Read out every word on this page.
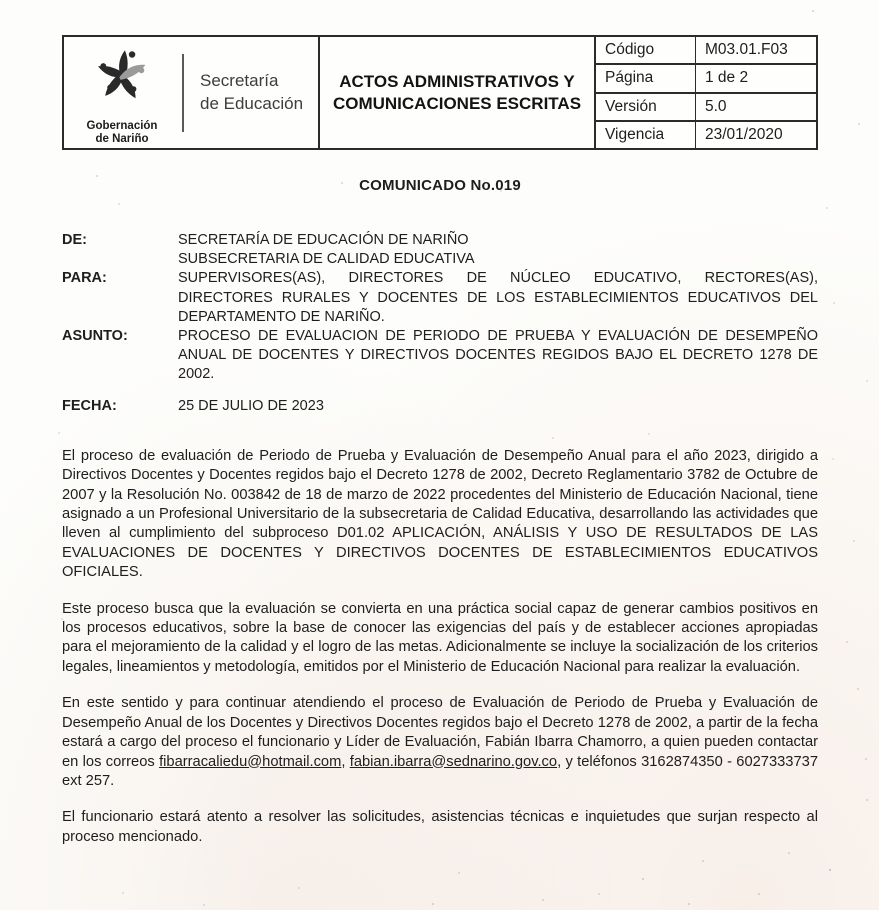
Gobernación
de Nariño
Secretaría
de Educación
ACTOS ADMINISTRATIVOS Y COMUNICACIONES ESCRITAS
Código	M03.01.F03
Página	1 de 2
Versión	5.0
Vigencia	23/01/2020
COMUNICADO No.019
DE:	SECRETARÍA DE EDUCACIÓN DE NARIÑO
SUBSECRETARIA DE CALIDAD EDUCATIVA
PARA:	SUPERVISORES(AS), DIRECTORES DE NÚCLEO EDUCATIVO, RECTORES(AS), DIRECTORES RURALES Y DOCENTES DE LOS ESTABLECIMIENTOS EDUCATIVOS DEL DEPARTAMENTO DE NARIÑO.
ASUNTO:	PROCESO DE EVALUACION DE PERIODO DE PRUEBA Y EVALUACIÓN DE DESEMPEÑO ANUAL DE DOCENTES Y DIRECTIVOS DOCENTES REGIDOS BAJO EL DECRETO 1278 DE 2002.
FECHA:	25 DE JULIO DE 2023

El proceso de evaluación de Periodo de Prueba y Evaluación de Desempeño Anual para el año 2023, dirigido a Directivos Docentes y Docentes regidos bajo el Decreto 1278 de 2002, Decreto Reglamentario 3782 de Octubre de 2007 y la Resolución No. 003842 de 18 de marzo de 2022 procedentes del Ministerio de Educación Nacional, tiene asignado a un Profesional Universitario de la subsecretaria de Calidad Educativa, desarrollando las actividades que lleven al cumplimiento del subproceso D01.02 APLICACIÓN, ANÁLISIS Y USO DE RESULTADOS DE LAS EVALUACIONES DE DOCENTES Y DIRECTIVOS DOCENTES DE ESTABLECIMIENTOS EDUCATIVOS OFICIALES.

Este proceso busca que la evaluación se convierta en una práctica social capaz de generar cambios positivos en los procesos educativos, sobre la base de conocer las exigencias del país y de establecer acciones apropiadas para el mejoramiento de la calidad y el logro de las metas. Adicionalmente se incluye la socialización de los criterios legales, lineamientos y metodología, emitidos por el Ministerio de Educación Nacional para realizar la evaluación.

En este sentido y para continuar atendiendo el proceso de Evaluación de Periodo de Prueba y Evaluación de Desempeño Anual de los Docentes y Directivos Docentes regidos bajo el Decreto 1278 de 2002, a partir de la fecha estará a cargo del proceso el funcionario y Líder de Evaluación, Fabián Ibarra Chamorro, a quien pueden contactar en los correos fibarracaliedu@hotmail.com, fabian.ibarra@sednarino.gov.co, y teléfonos 3162874350 - 6027333737 ext 257.

El funcionario estará atento a resolver las solicitudes, asistencias técnicas e inquietudes que surjan respecto al proceso mencionado.
